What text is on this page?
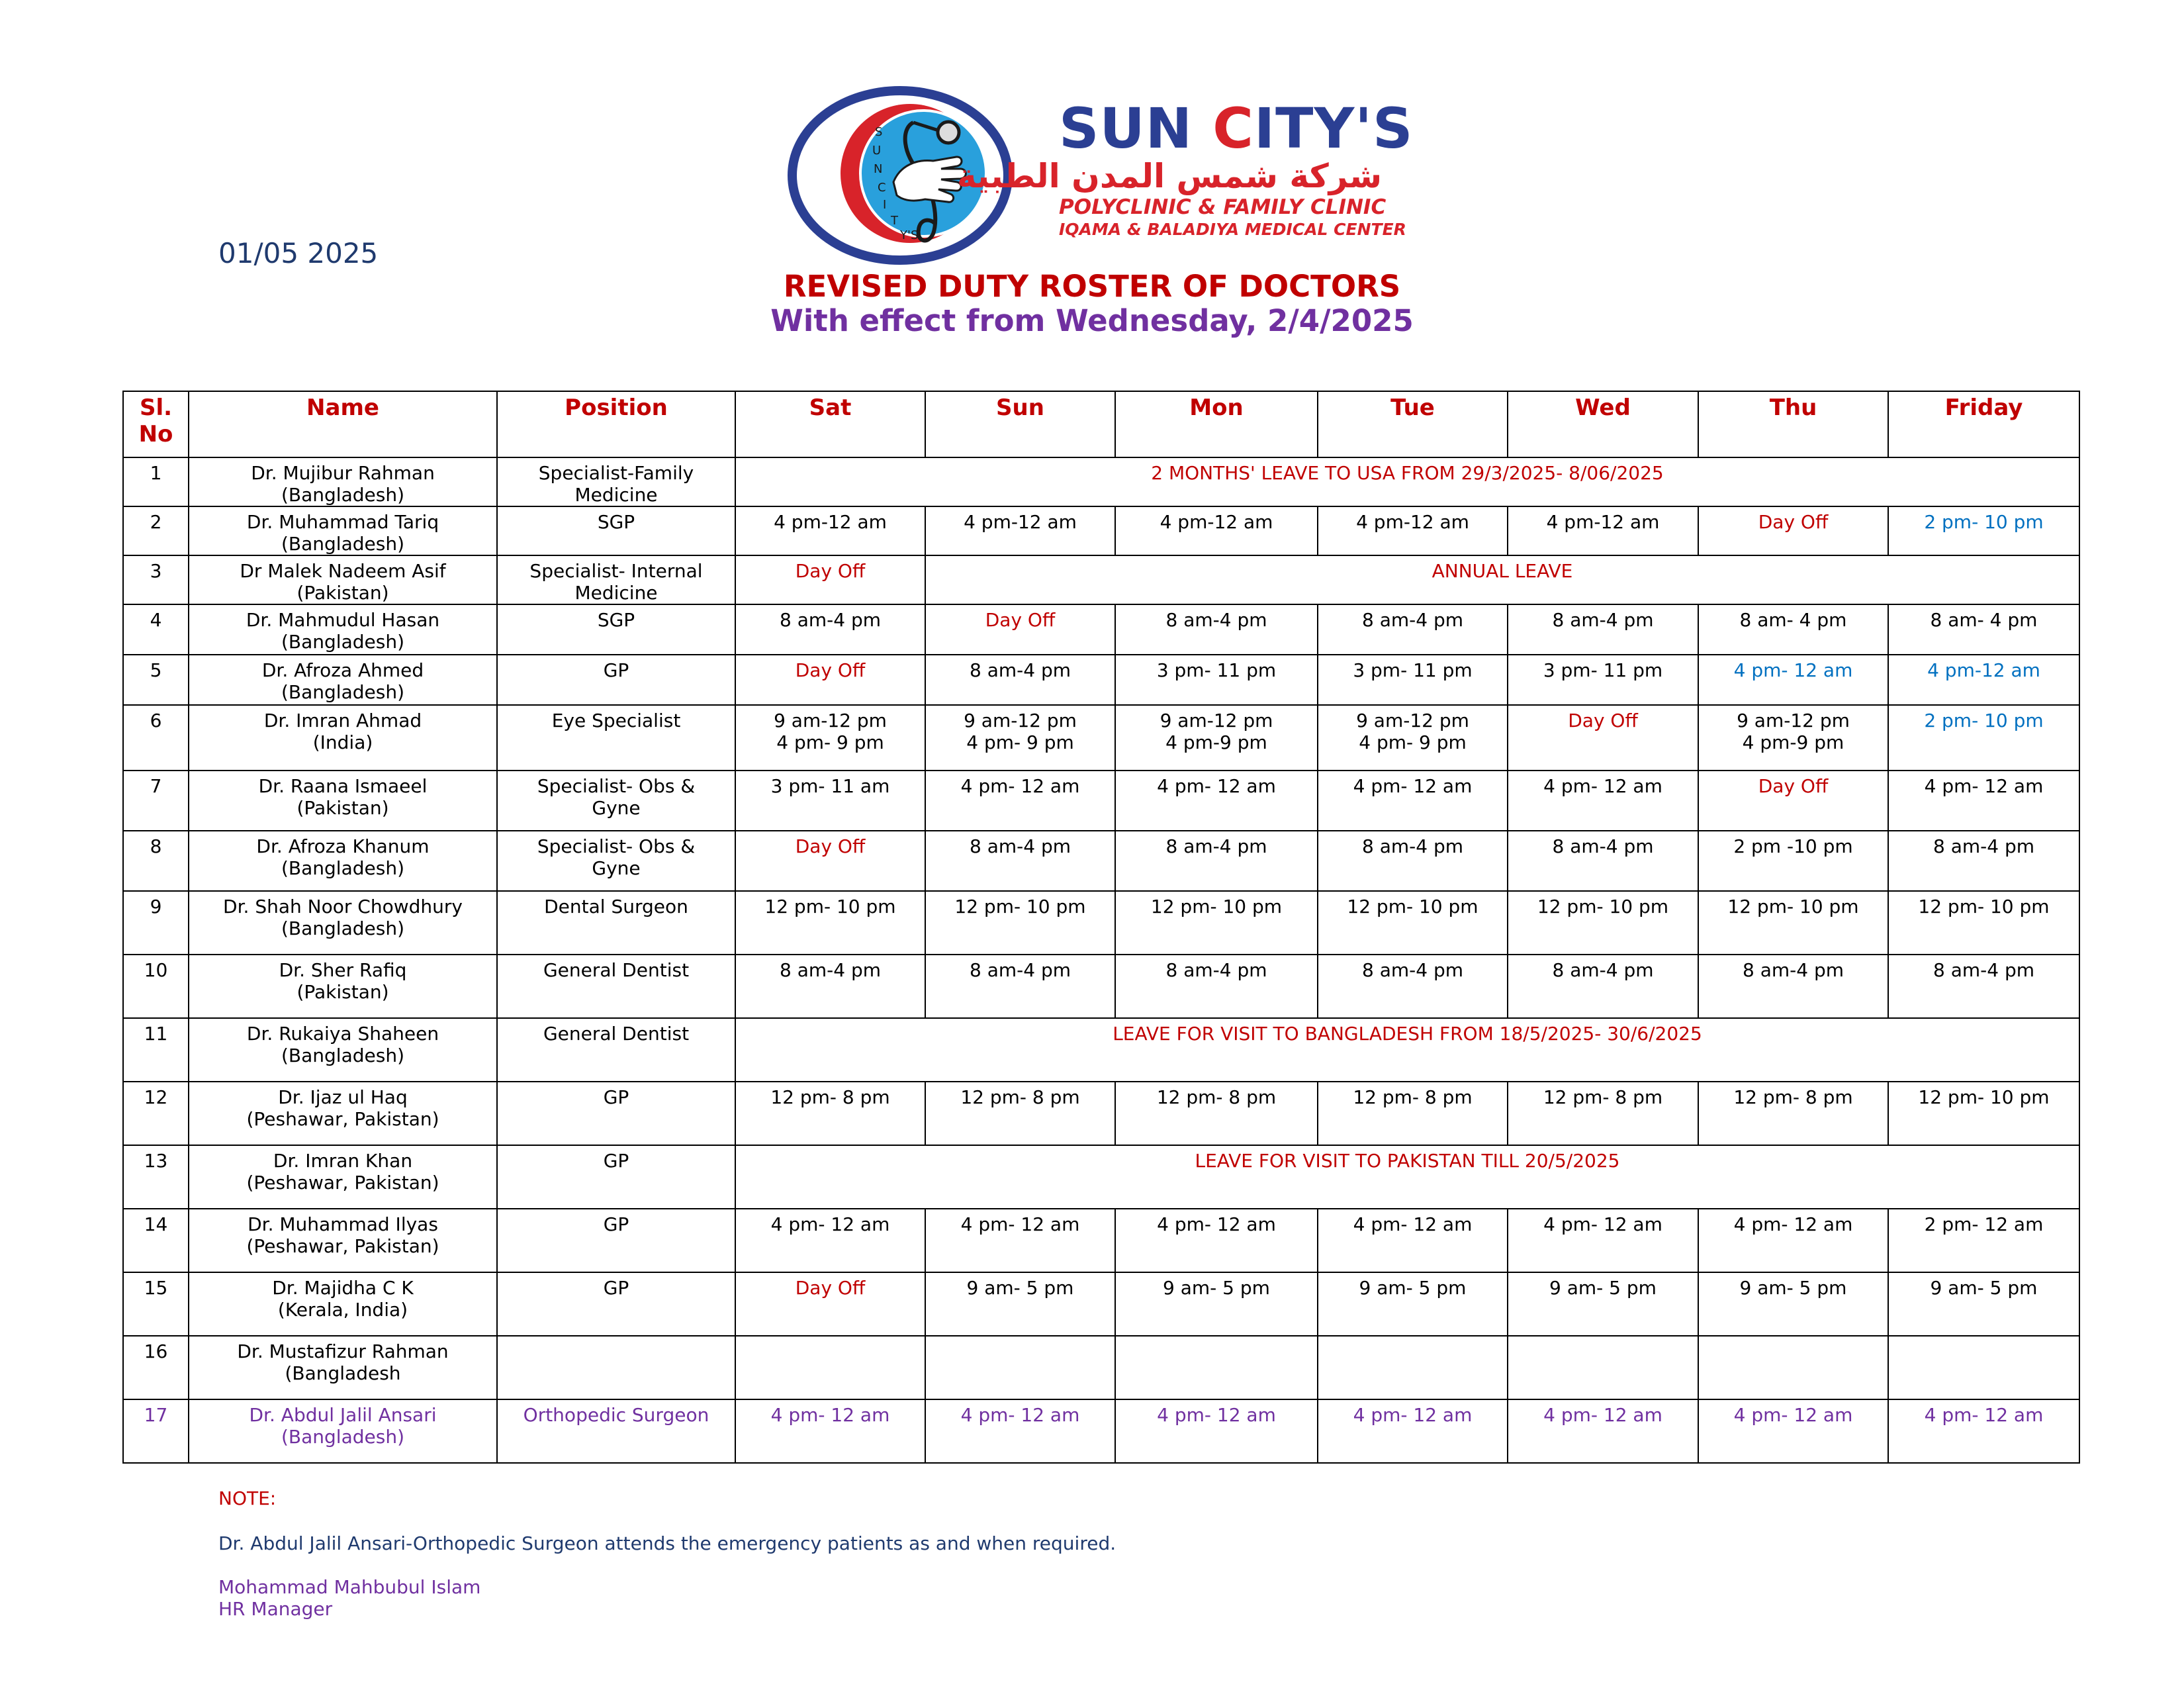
S
U
N
C
I
T
Y'S
SUN CITY'S
شركة شمس المدن الطبية
POLYCLINIC & FAMILY CLINIC
IQAMA & BALADIYA MEDICAL CENTER
01/05 2025
REVISED DUTY ROSTER OF DOCTORS
With effect from Wednesday, 2/4/2025
Sl. No	Name	Position	Sat	Sun	Mon	Tue	Wed	Thu	Friday
1	Dr. Mujibur Rahman
(Bangladesh)	Specialist-Family
Medicine	2 MONTHS' LEAVE TO USA FROM 29/3/2025- 8/06/2025						

2	Dr. Muhammad Tariq
(Bangladesh)	SGP	4 pm-12 am	4 pm-12 am	4 pm-12 am	4 pm-12 am	4 pm-12 am	Day Off	2 pm- 10 pm

3	Dr Malek Nadeem Asif
(Pakistan)	Specialist- Internal
Medicine	Day Off	ANNUAL LEAVE					

4	Dr. Mahmudul Hasan
(Bangladesh)	SGP	8 am-4 pm	Day Off	8 am-4 pm	8 am-4 pm	8 am-4 pm	8 am- 4 pm	8 am- 4 pm

5	Dr. Afroza Ahmed
(Bangladesh)	GP	Day Off	8 am-4 pm	3 pm- 11 pm	3 pm- 11 pm	3 pm- 11 pm	4 pm- 12 am	4 pm-12 am

6	Dr. Imran Ahmad
(India)	Eye Specialist	9 am-12 pm
4 pm- 9 pm	9 am-12 pm
4 pm- 9 pm	9 am-12 pm
4 pm-9 pm	9 am-12 pm
4 pm- 9 pm	Day Off	9 am-12 pm
4 pm-9 pm	2 pm- 10 pm

7	Dr. Raana Ismaeel
(Pakistan)	Specialist- Obs &
Gyne	3 pm- 11 am	4 pm- 12 am	4 pm- 12 am	4 pm- 12 am	4 pm- 12 am	Day Off	4 pm- 12 am

8	Dr. Afroza Khanum
(Bangladesh)	Specialist- Obs &
Gyne	Day Off	8 am-4 pm	8 am-4 pm	8 am-4 pm	8 am-4 pm	2 pm -10 pm	8 am-4 pm

9	Dr. Shah Noor Chowdhury
(Bangladesh)	Dental Surgeon	12 pm- 10 pm	12 pm- 10 pm	12 pm- 10 pm	12 pm- 10 pm	12 pm- 10 pm	12 pm- 10 pm	12 pm- 10 pm

10	Dr. Sher Rafiq
(Pakistan)	General Dentist	8 am-4 pm	8 am-4 pm	8 am-4 pm	8 am-4 pm	8 am-4 pm	8 am-4 pm	8 am-4 pm

11	Dr. Rukaiya Shaheen
(Bangladesh)	General Dentist	LEAVE FOR VISIT TO BANGLADESH FROM 18/5/2025- 30/6/2025						

12	Dr. Ijaz ul Haq
(Peshawar, Pakistan)	GP	12 pm- 8 pm	12 pm- 8 pm	12 pm- 8 pm	12 pm- 8 pm	12 pm- 8 pm	12 pm- 8 pm	12 pm- 10 pm

13	Dr. Imran Khan
(Peshawar, Pakistan)	GP	LEAVE FOR VISIT TO PAKISTAN TILL 20/5/2025						

14	Dr. Muhammad Ilyas
(Peshawar, Pakistan)	GP	4 pm- 12 am	4 pm- 12 am	4 pm- 12 am	4 pm- 12 am	4 pm- 12 am	4 pm- 12 am	2 pm- 12 am

15	Dr. Majidha C K
(Kerala, India)	GP	Day Off	9 am- 5 pm	9 am- 5 pm	9 am- 5 pm	9 am- 5 pm	9 am- 5 pm	9 am- 5 pm

16	Dr. Mustafizur Rahman
(Bangladesh								

17	Dr. Abdul Jalil Ansari
(Bangladesh)	Orthopedic Surgeon	4 pm- 12 am	4 pm- 12 am	4 pm- 12 am	4 pm- 12 am	4 pm- 12 am	4 pm- 12 am	4 pm- 12 am
NOTE:
Dr. Abdul Jalil Ansari-Orthopedic Surgeon attends the emergency patients as and when required.
Mohammad Mahbubul Islam
HR Manager
